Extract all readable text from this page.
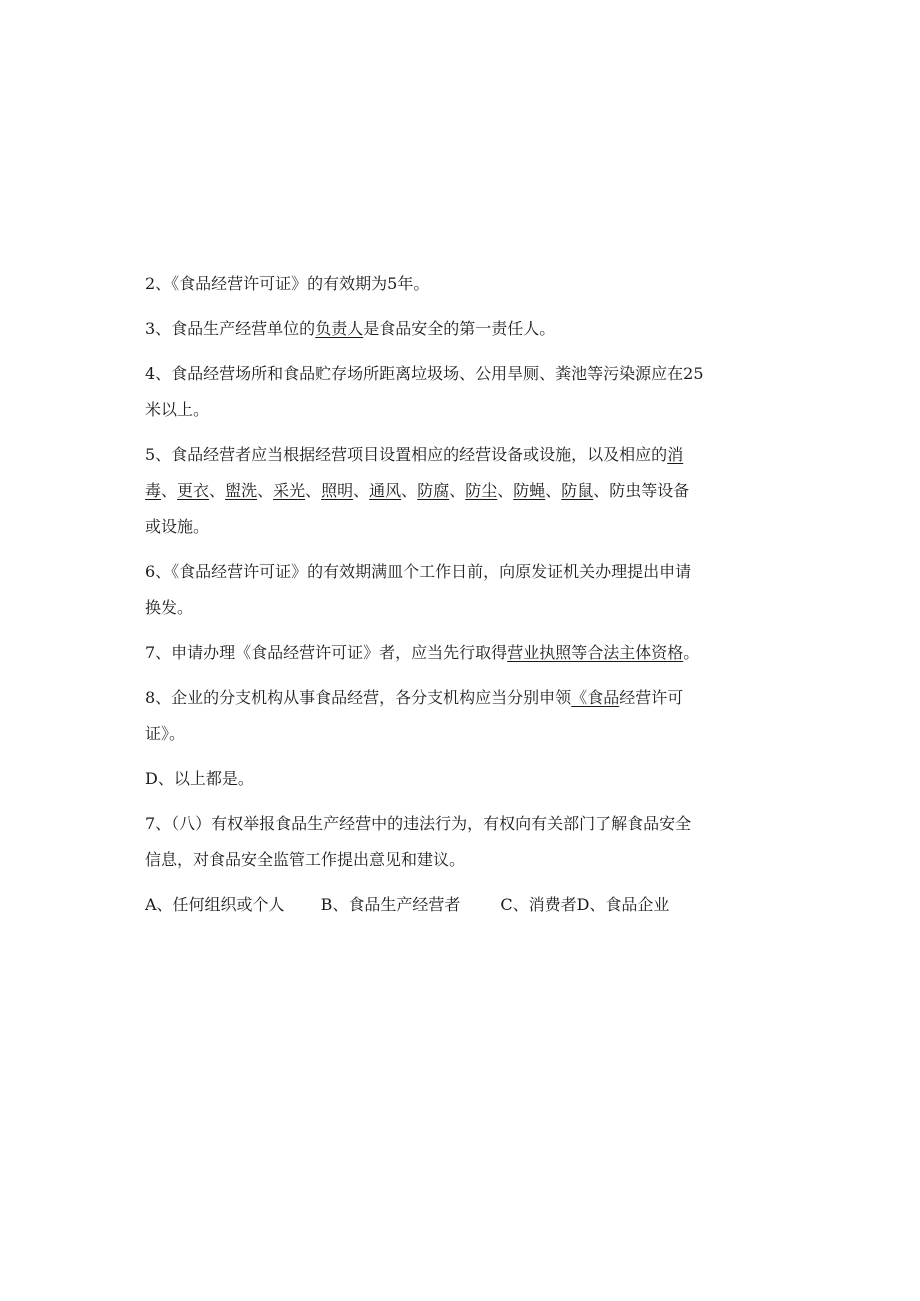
2、《食品经营许可证》的有效期为5年。

3、食品生产经营单位的负责人是食品安全的第一责任人。

4、食品经营场所和食品贮存场所距离垃圾场、公用旱厕、粪池等污染源应在25米以上。

5、食品经营者应当根据经营项目设置相应的经营设备或设施，以及相应的消毒、更衣、盥洗、采光、照明、通风、防腐、防尘、防蝇、防鼠、防虫等设备或设施。

6、《食品经营许可证》的有效期满皿个工作日前，向原发证机关办理提出申请换发。

7、申请办理《食品经营许可证》者，应当先行取得营业执照等合法主体资格。

8、企业的分支机构从事食品经营，各分支机构应当分别申领《食品经营许可证》。

D、以上都是。

7、（八）有权举报食品生产经营中的违法行为，有权向有关部门了解食品安全信息，对食品安全监管工作提出意见和建议。

A、任何组织或个人 B、食品生产经营者	C、消费者D、食品企业
